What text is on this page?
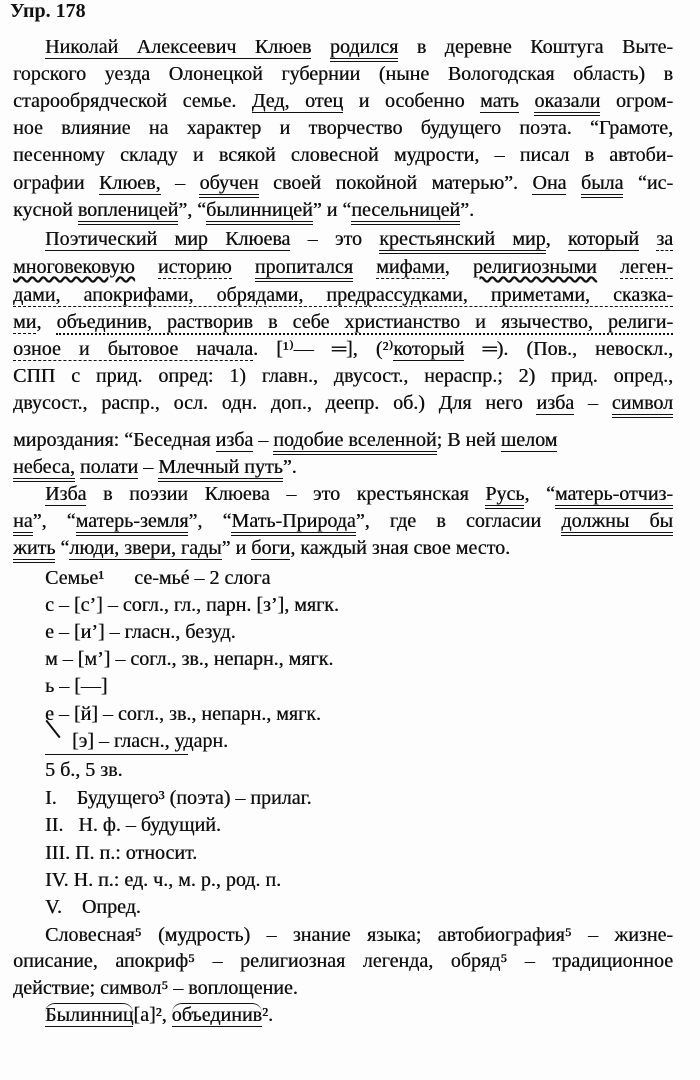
Упр. 178
Николай Алексеевич Клюев родился в деревне Коштуга Выте-
горского уезда Олонецкой губернии (ныне Вологодская область) в
старообрядческой семье. Дед, отец и особенно мать оказали огром-
ное влияние на характер и творчество будущего поэта. “Грамоте,
песенному складу и всякой словесной мудрости, – писал в автоби-
ографии Клюев, – обучен своей покойной матерью”. Она была “ис-
кусной вопленицей”, “былинницей” и “песельницей”.
Поэтический мир Клюева – это крестьянский мир, который за
многовековую историю пропитался мифами, религиозными леген-
дами, апокрифами, обрядами, предрассудками, приметами, сказка-
ми, объединив, растворив в себе христианство и язычество, религи-
озное и бытовое начала. [¹⁾— ═], (²⁾который ═). (Пов., невоскл.,
СПП с прид. опред: 1) главн., двусост., нераспр.; 2) прид. опред.,
двусост., распр., осл. одн. доп., деепр. об.) Для него изба – символ
мироздания: “Беседная изба – подобие вселенной; В ней шелом
небеса, полати – Млечный путь”.
Изба в поэзии Клюева – это крестьянская Русь, “матерь-отчиз-
на”, “матерь-земля”, “Мать-Природа”, где в согласии должны бы
жить “люди, звери, гады” и боги, каждый зная свое место.
Семье¹      се-мьé – 2 слога
с – [с’] – согл., гл., парн. [з’], мягк.
е – [и’] – гласн., безуд.
м – [м’] – согл., зв., непарн., мягк.
ь – [—]
е – [й] – согл., зв., непарн., мягк.
[э] – гласн., ударн.
5 б., 5 зв.
I.    Будущего³ (поэта) – прилаг.
II.   Н. ф. – будущий.
III. П. п.: относит.
IV. Н. п.: ед. ч., м. р., род. п.
V.    Опред.
Словесная⁵ (мудрость) – знание языка; автобиография⁵ – жизне-
описание, апокриф⁵ – религиозная легенда, обряд⁵ – традиционное
действие; символ⁵ – воплощение.
Былинниц[а]², объединив².
